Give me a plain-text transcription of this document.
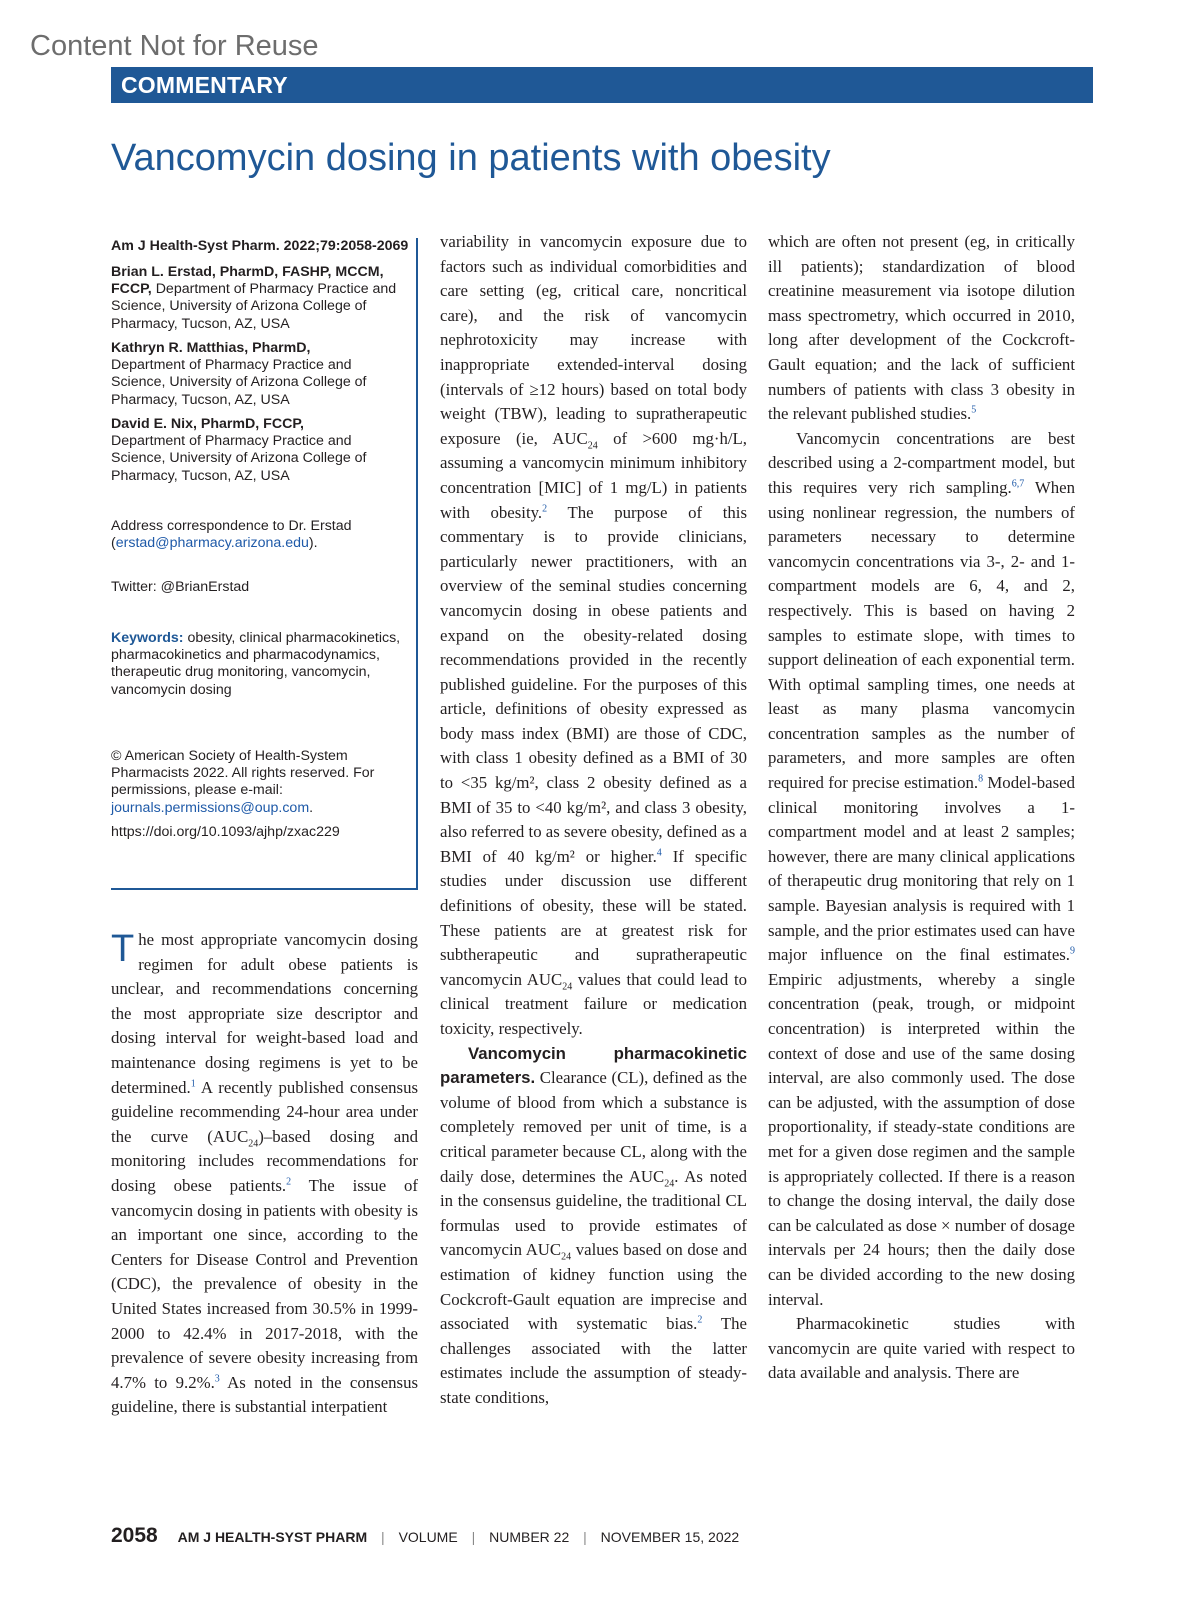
Content Not for Reuse
COMMENTARY
Vancomycin dosing in patients with obesity
Am J Health-Syst Pharm. 2022;79:2058-2069
Brian L. Erstad, PharmD, FASHP, MCCM, FCCP, Department of Pharmacy Practice and Science, University of Arizona College of Pharmacy, Tucson, AZ, USA
Kathryn R. Matthias, PharmD,
Department of Pharmacy Practice and Science, University of Arizona College of Pharmacy, Tucson, AZ, USA
David E. Nix, PharmD, FCCP,
Department of Pharmacy Practice and Science, University of Arizona College of Pharmacy, Tucson, AZ, USA
Address correspondence to Dr. Erstad (erstad@pharmacy.arizona.edu).
Twitter: @BrianErstad
Keywords: obesity, clinical pharmacokinetics, pharmacokinetics and pharmacodynamics, therapeutic drug monitoring, vancomycin, vancomycin dosing
© American Society of Health-System Pharmacists 2022. All rights reserved. For permissions, please e-mail: journals.permissions@oup.com.
https://doi.org/10.1093/ajhp/zxac229

The most appropriate vancomycin dosing regimen for adult obese patients is unclear, and recommendations concerning the most appropriate size descriptor and dosing interval for weight-based load and maintenance dosing regimens is yet to be determined.$^1$ A recently published consensus guideline recommending 24-hour area under the curve $(AUC_{24})$–based dosing and monitoring includes recommendations for dosing obese patients.$^2$ The issue of vancomycin dosing in patients with obesity is an important one since, according to the Centers for Disease Control and Prevention (CDC), the prevalence of obesity in the United States increased from 30.5% in 1999-2000 to 42.4% in 2017-2018, with the prevalence of severe obesity increasing from 4.7% to 9.2%.$^3$ As noted in the consensus guideline, there is substantial interpatient

variability in vancomycin exposure due to factors such as individual comorbidities and care setting (eg, critical care, noncritical care), and the risk of vancomycin nephrotoxicity may increase with inappropriate extended-interval dosing (intervals of ≥12 hours) based on total body weight (TBW), leading to supratherapeutic exposure (ie, $AUC_{24}$ of >600 mg·h/L, assuming a vancomycin minimum inhibitory concentration [MIC] of 1 mg/L) in patients with obesity.$^2$ The purpose of this commentary is to provide clinicians, particularly newer practitioners, with an overview of the seminal studies concerning vancomycin dosing in obese patients and expand on the obesity-related dosing recommendations provided in the recently published guideline. For the purposes of this article, definitions of obesity expressed as body mass index (BMI) are those of CDC, with class 1 obesity defined as a BMI of 30 to <35 kg/m², class 2 obesity defined as a BMI of 35 to <40 kg/m², and class 3 obesity, also referred to as severe obesity, defined as a BMI of 40 kg/m² or higher.$^4$ If specific studies under discussion use different definitions of obesity, these will be stated. These patients are at greatest risk for subtherapeutic and supratherapeutic vancomycin $AUC_{24}$ values that could lead to clinical treatment failure or medication toxicity, respectively.

Vancomycin pharmacokinetic parameters. Clearance (CL), defined as the volume of blood from which a substance is completely removed per unit of time, is a critical parameter because CL, along with the daily dose, determines the $AUC_{24}$. As noted in the consensus guideline, the traditional CL formulas used to provide estimates of vancomycin $AUC_{24}$ values based on dose and estimation of kidney function using the Cockcroft-Gault equation are imprecise and associated with systematic bias.$^2$ The challenges associated with the latter estimates include the assumption of steady-state conditions,

which are often not present (eg, in critically ill patients); standardization of blood creatinine measurement via isotope dilution mass spectrometry, which occurred in 2010, long after development of the Cockcroft-Gault equation; and the lack of sufficient numbers of patients with class 3 obesity in the relevant published studies.$^5$

Vancomycin concentrations are best described using a 2-compartment model, but this requires very rich sampling.$^{6,7}$ When using nonlinear regression, the numbers of parameters necessary to determine vancomycin concentrations via 3-, 2- and 1-compartment models are 6, 4, and 2, respectively. This is based on having 2 samples to estimate slope, with times to support delineation of each exponential term. With optimal sampling times, one needs at least as many plasma vancomycin concentration samples as the number of parameters, and more samples are often required for precise estimation.$^8$ Model-based clinical monitoring involves a 1-compartment model and at least 2 samples; however, there are many clinical applications of therapeutic drug monitoring that rely on 1 sample. Bayesian analysis is required with 1 sample, and the prior estimates used can have major influence on the final estimates.$^9$ Empiric adjustments, whereby a single concentration (peak, trough, or midpoint concentration) is interpreted within the context of dose and use of the same dosing interval, are also commonly used. The dose can be adjusted, with the assumption of dose proportionality, if steady-state conditions are met for a given dose regimen and the sample is appropriately collected. If there is a reason to change the dosing interval, the daily dose can be calculated as dose × number of dosage intervals per 24 hours; then the daily dose can be divided according to the new dosing interval.

Pharmacokinetic studies with vancomycin are quite varied with respect to data available and analysis. There are

2058 AM J HEALTH-SYST PHARM | VOLUME | NUMBER 22 | NOVEMBER 15, 2022
